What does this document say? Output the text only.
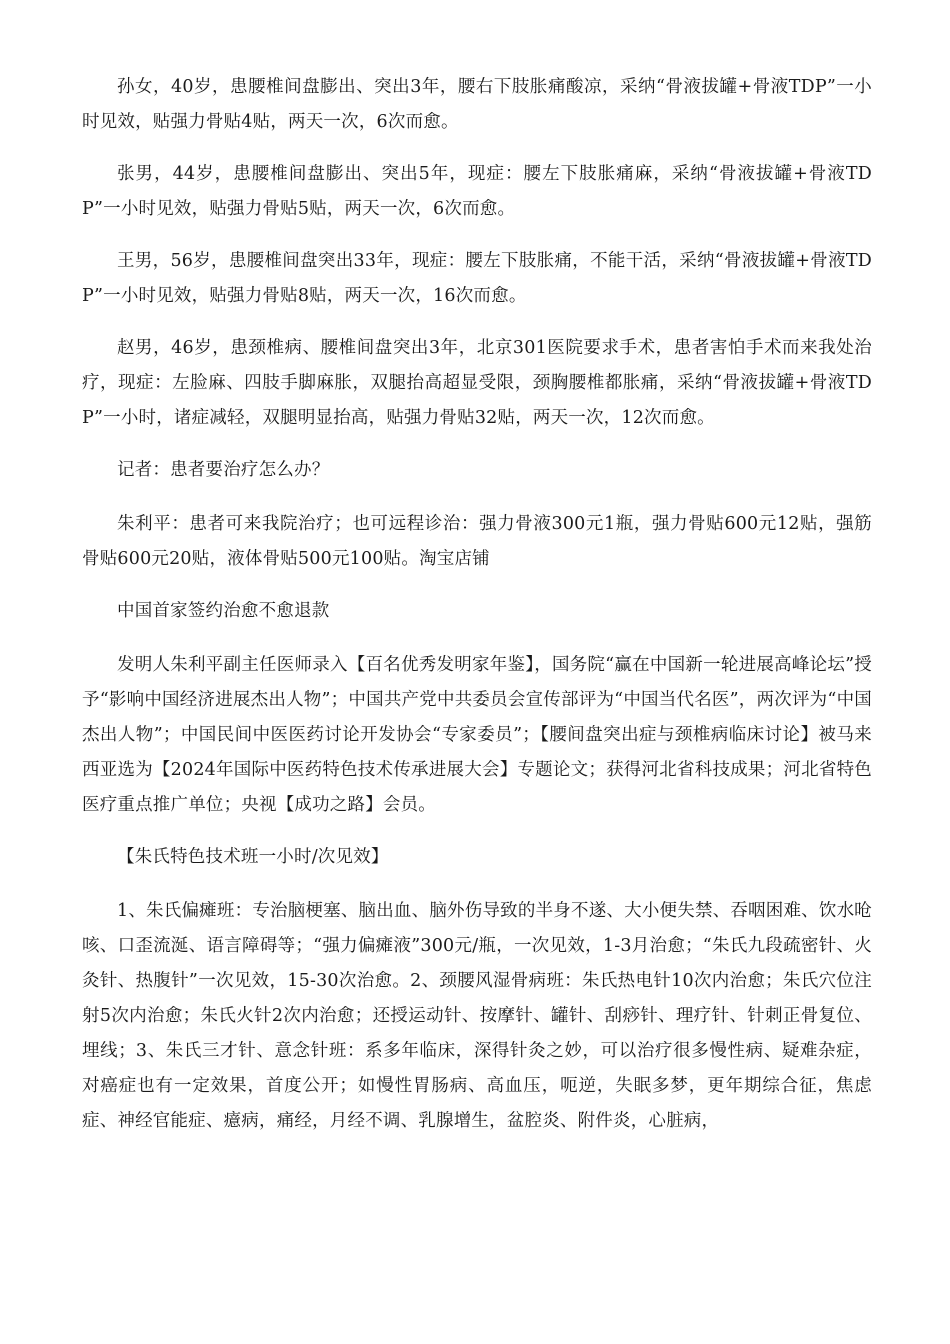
孙女，40岁，患腰椎间盘膨出、突出3年，腰右下肢胀痛酸凉，采纳“骨液拔罐+骨液TDP”一小时见效，贴强力骨贴4贴，两天一次，6次而愈。

张男，44岁，患腰椎间盘膨出、突出5年，现症：腰左下肢胀痛麻，采纳“骨液拔罐+骨液TDP”一小时见效，贴强力骨贴5贴，两天一次，6次而愈。

王男，56岁，患腰椎间盘突出33年，现症：腰左下肢胀痛，不能干活，采纳“骨液拔罐+骨液TDP”一小时见效，贴强力骨贴8贴，两天一次，16次而愈。

赵男，46岁，患颈椎病、腰椎间盘突出3年，北京301医院要求手术，患者害怕手术而来我处治疗，现症：左脸麻、四肢手脚麻胀，双腿抬高超显受限，颈胸腰椎都胀痛，采纳“骨液拔罐+骨液TDP”一小时，诸症减轻，双腿明显抬高，贴强力骨贴32贴，两天一次，12次而愈。

记者：患者要治疗怎么办？

朱利平：患者可来我院治疗；也可远程诊治：强力骨液300元1瓶，强力骨贴600元12贴，强筋骨贴600元20贴，液体骨贴500元100贴。淘宝店铺

中国首家签约治愈不愈退款

发明人朱利平副主任医师录入【百名优秀发明家年鉴】，国务院“赢在中国新一轮进展高峰论坛”授予“影响中国经济进展杰出人物”；中国共产党中共委员会宣传部评为“中国当代名医”，两次评为“中国杰出人物”；中国民间中医医药讨论开发协会“专家委员”；【腰间盘突出症与颈椎病临床讨论】被马来西亚选为【2024年国际中医药特色技术传承进展大会】专题论文；获得河北省科技成果；河北省特色医疗重点推广单位；央视【成功之路】会员。

【朱氏特色技术班一小时/次见效】

1、朱氏偏瘫班：专治脑梗塞、脑出血、脑外伤导致的半身不遂、大小便失禁、吞咽困难、饮水呛咳、口歪流涎、语言障碍等；“强力偏瘫液”300元/瓶，一次见效，1-3月治愈；“朱氏九段疏密针、火灸针、热腹针”一次见效，15-30次治愈。2、颈腰风湿骨病班：朱氏热电针10次内治愈；朱氏穴位注射5次内治愈；朱氏火针2次内治愈；还授运动针、按摩针、罐针、刮痧针、理疗针、针刺正骨复位、埋线；3、朱氏三才针、意念针班：系多年临床，深得针灸之妙，可以治疗很多慢性病、疑难杂症，对癌症也有一定效果，首度公开；如慢性胃肠病、高血压，呃逆，失眠多梦，更年期综合征，焦虑症、神经官能症、癔病，痛经，月经不调、乳腺增生，盆腔炎、附件炎，心脏病，
